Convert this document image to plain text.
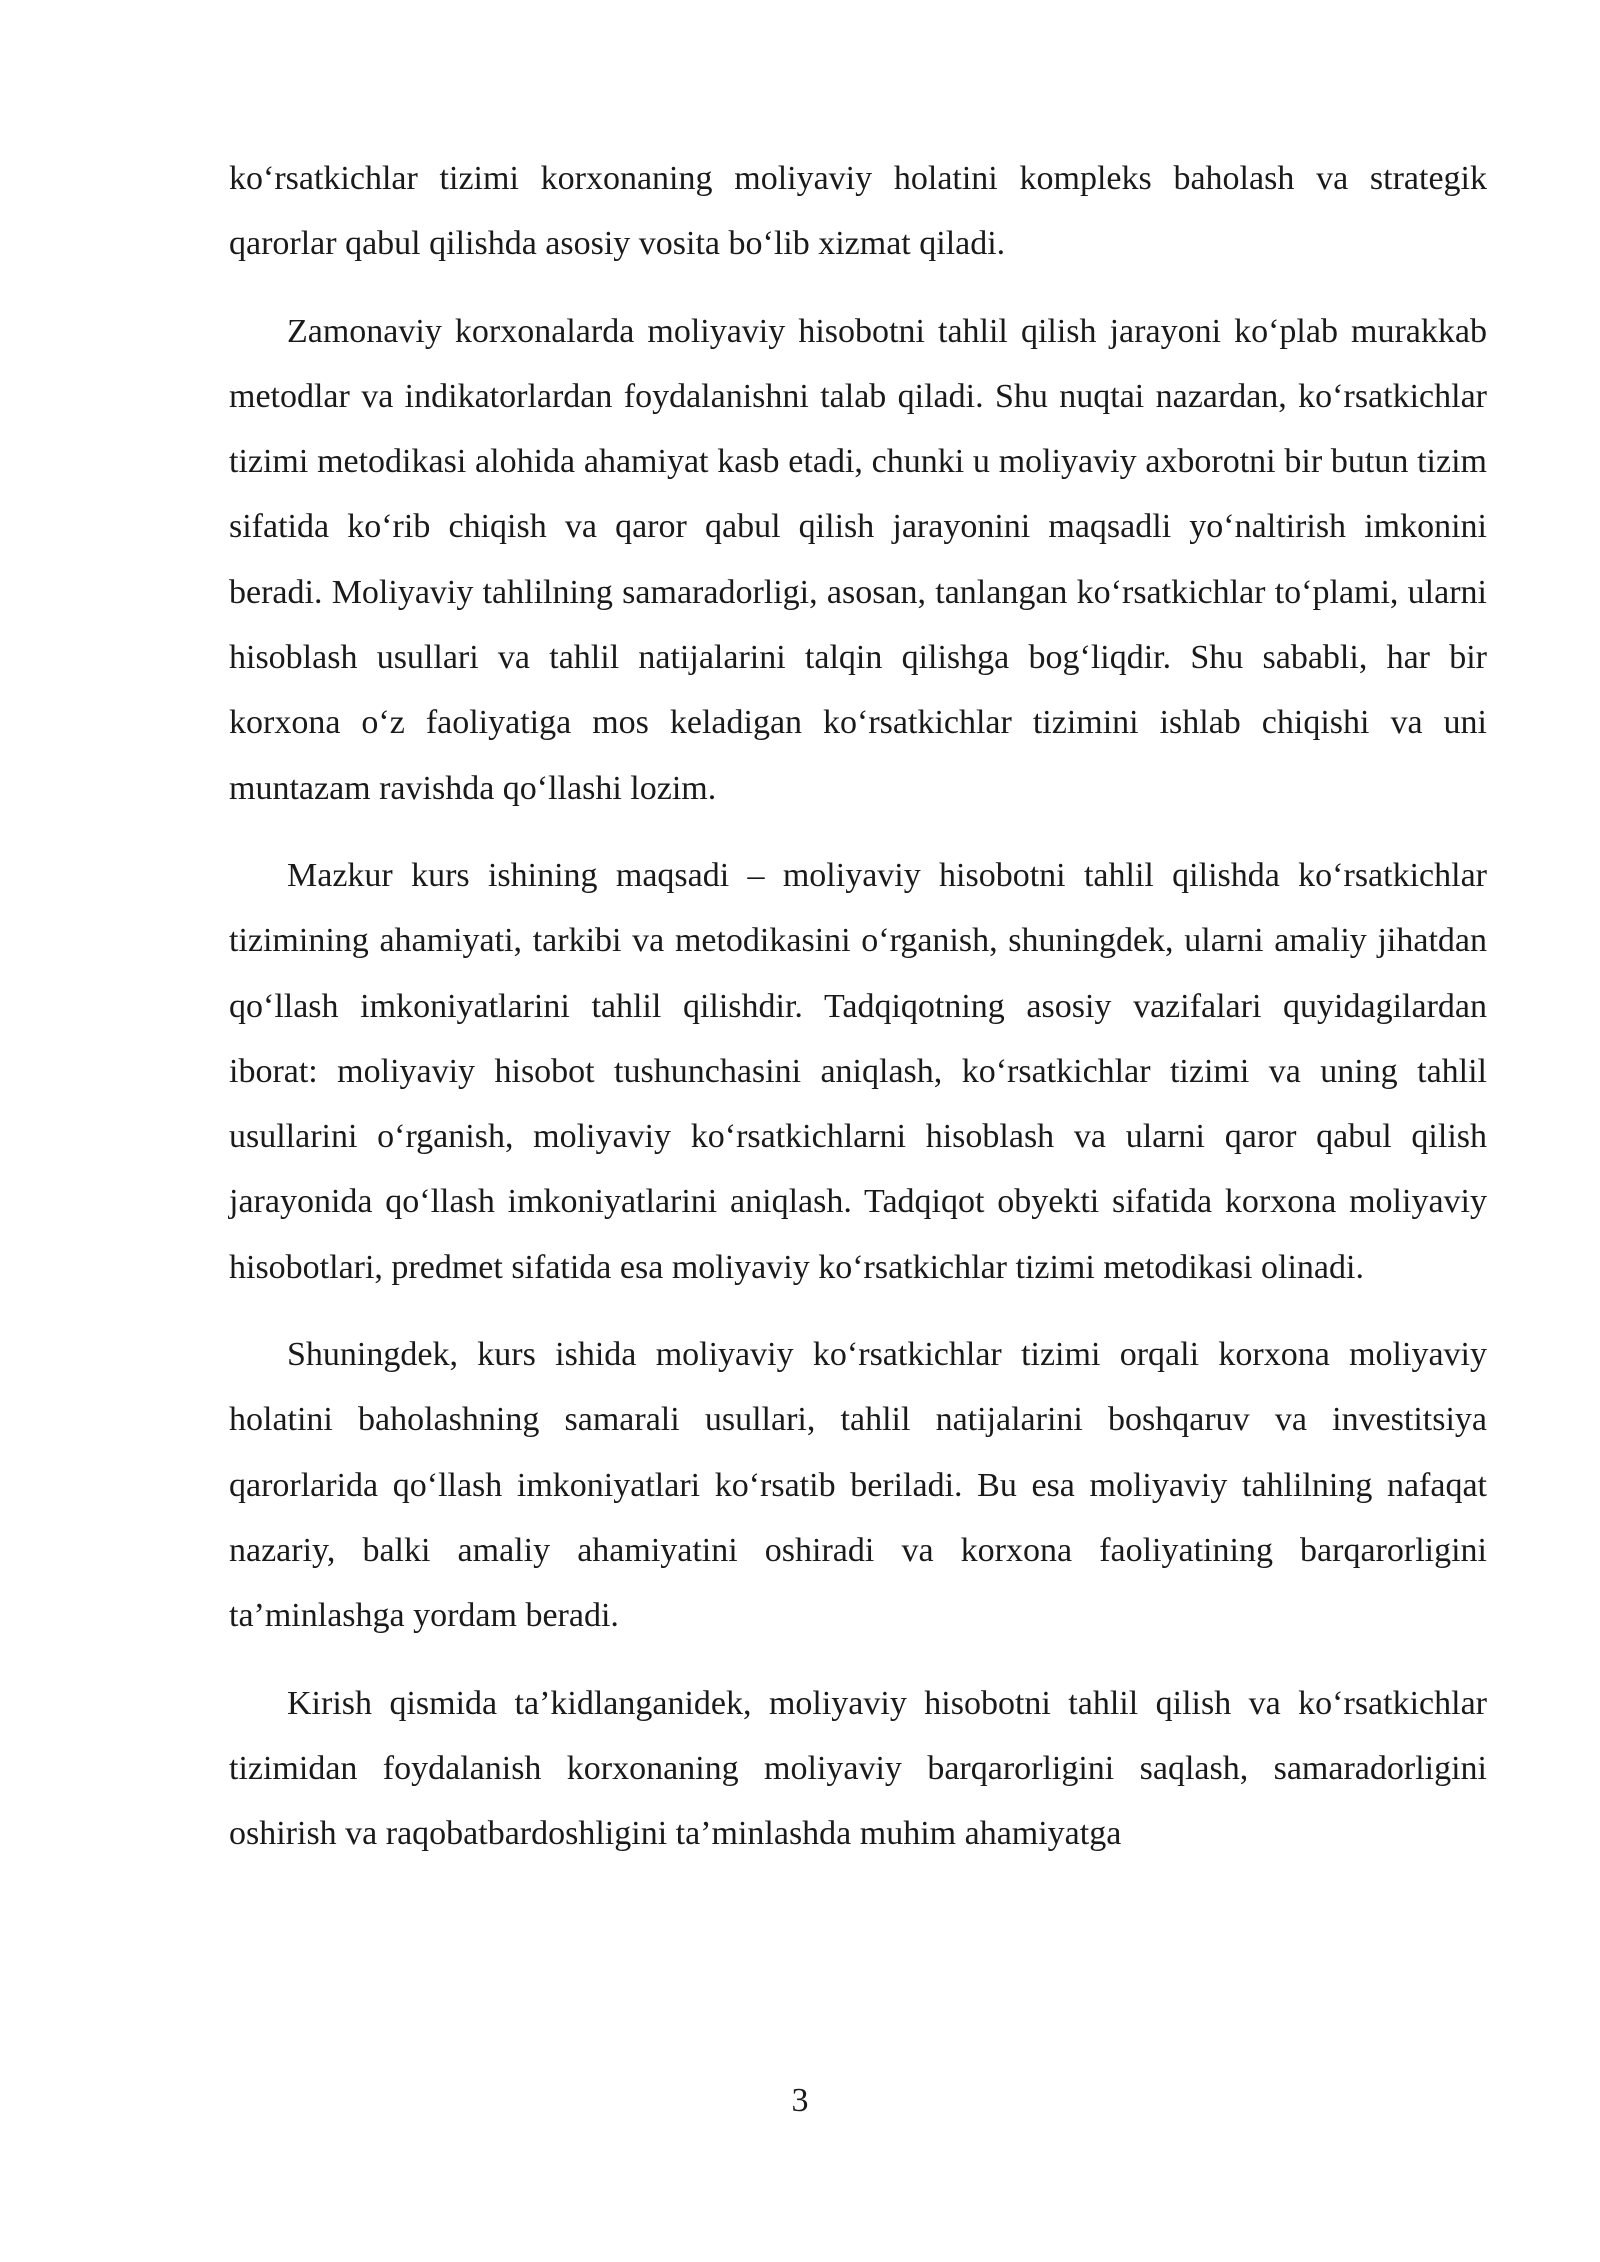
ko‘rsatkichlar tizimi korxonaning moliyaviy holatini kompleks baholash va strategik qarorlar qabul qilishda asosiy vosita bo‘lib xizmat qiladi.

Zamonaviy korxonalarda moliyaviy hisobotni tahlil qilish jarayoni ko‘plab murakkab metodlar va indikatorlardan foydalanishni talab qiladi. Shu nuqtai nazardan, ko‘rsatkichlar tizimi metodikasi alohida ahamiyat kasb etadi, chunki u moliyaviy axborotni bir butun tizim sifatida ko‘rib chiqish va qaror qabul qilish jarayonini maqsadli yo‘naltirish imkonini beradi. Moliyaviy tahlilning samaradorligi, asosan, tanlangan ko‘rsatkichlar to‘plami, ularni hisoblash usullari va tahlil natijalarini talqin qilishga bog‘liqdir. Shu sababli, har bir korxona o‘z faoliyatiga mos keladigan ko‘rsatkichlar tizimini ishlab chiqishi va uni muntazam ravishda qo‘llashi lozim.

Mazkur kurs ishining maqsadi – moliyaviy hisobotni tahlil qilishda ko‘rsatkichlar tizimining ahamiyati, tarkibi va metodikasini o‘rganish, shuningdek, ularni amaliy jihatdan qo‘llash imkoniyatlarini tahlil qilishdir. Tadqiqotning asosiy vazifalari quyidagilardan iborat: moliyaviy hisobot tushunchasini aniqlash, ko‘rsatkichlar tizimi va uning tahlil usullarini o‘rganish, moliyaviy ko‘rsatkichlarni hisoblash va ularni qaror qabul qilish jarayonida qo‘llash imkoniyatlarini aniqlash. Tadqiqot obyekti sifatida korxona moliyaviy hisobotlari, predmet sifatida esa moliyaviy ko‘rsatkichlar tizimi metodikasi olinadi.

Shuningdek, kurs ishida moliyaviy ko‘rsatkichlar tizimi orqali korxona moliyaviy holatini baholashning samarali usullari, tahlil natijalarini boshqaruv va investitsiya qarorlarida qo‘llash imkoniyatlari ko‘rsatib beriladi. Bu esa moliyaviy tahlilning nafaqat nazariy, balki amaliy ahamiyatini oshiradi va korxona faoliyatining barqarorligini ta’minlashga yordam beradi.

Kirish qismida ta’kidlanganidek, moliyaviy hisobotni tahlil qilish va ko‘rsatkichlar tizimidan foydalanish korxonaning moliyaviy barqarorligini saqlash, samaradorligini oshirish va raqobatbardoshligini ta’minlashda muhim ahamiyatga

3
